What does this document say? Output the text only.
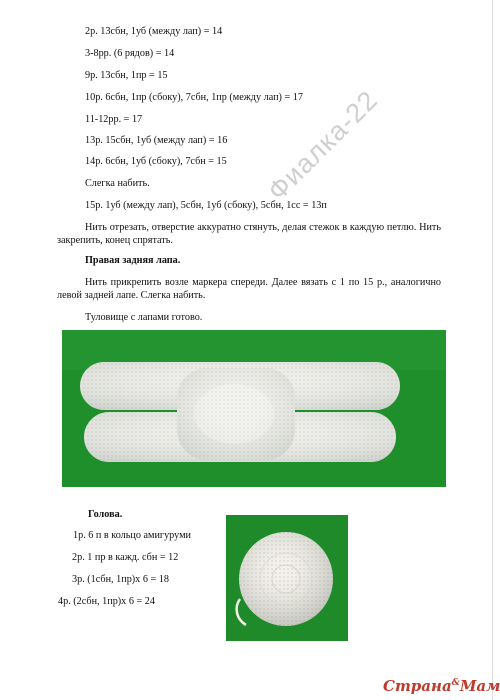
2р. 13сбн, 1уб (между лап) = 14
3-8рр. (6 рядов) = 14
9р. 13сбн, 1пр = 15
10р. 6сбн, 1пр (сбоку), 7сбн, 1пр (между лап) = 17
11-12рр. = 17
13р. 15сбн, 1уб (между лап) = 16
14р. 6сбн, 1уб (сбоку), 7сбн = 15
Слегка набить.
15р. 1уб (между лап), 5сбн, 1уб (сбоку), 5сбн, 1сс = 13п
Нить отрезать, отверстие аккуратно стянуть, делая стежок в каждую петлю. Нить закрепить, конец спрятать.
Правая задняя лапа.
Нить прикрепить возле маркера спереди. Далее вязать с 1 по 15 р., аналогично левой задней лапе. Слегка набить.
Туловище с лапами готово.
Фиалка-22
Голова.
1р. 6 п в кольцо амигуруми
2р. 1 пр в кажд. сбн = 12
3р. (1сбн, 1пр)х 6 = 18
4р. (2сбн, 1пр)х 6 = 24
Страна&Мам
